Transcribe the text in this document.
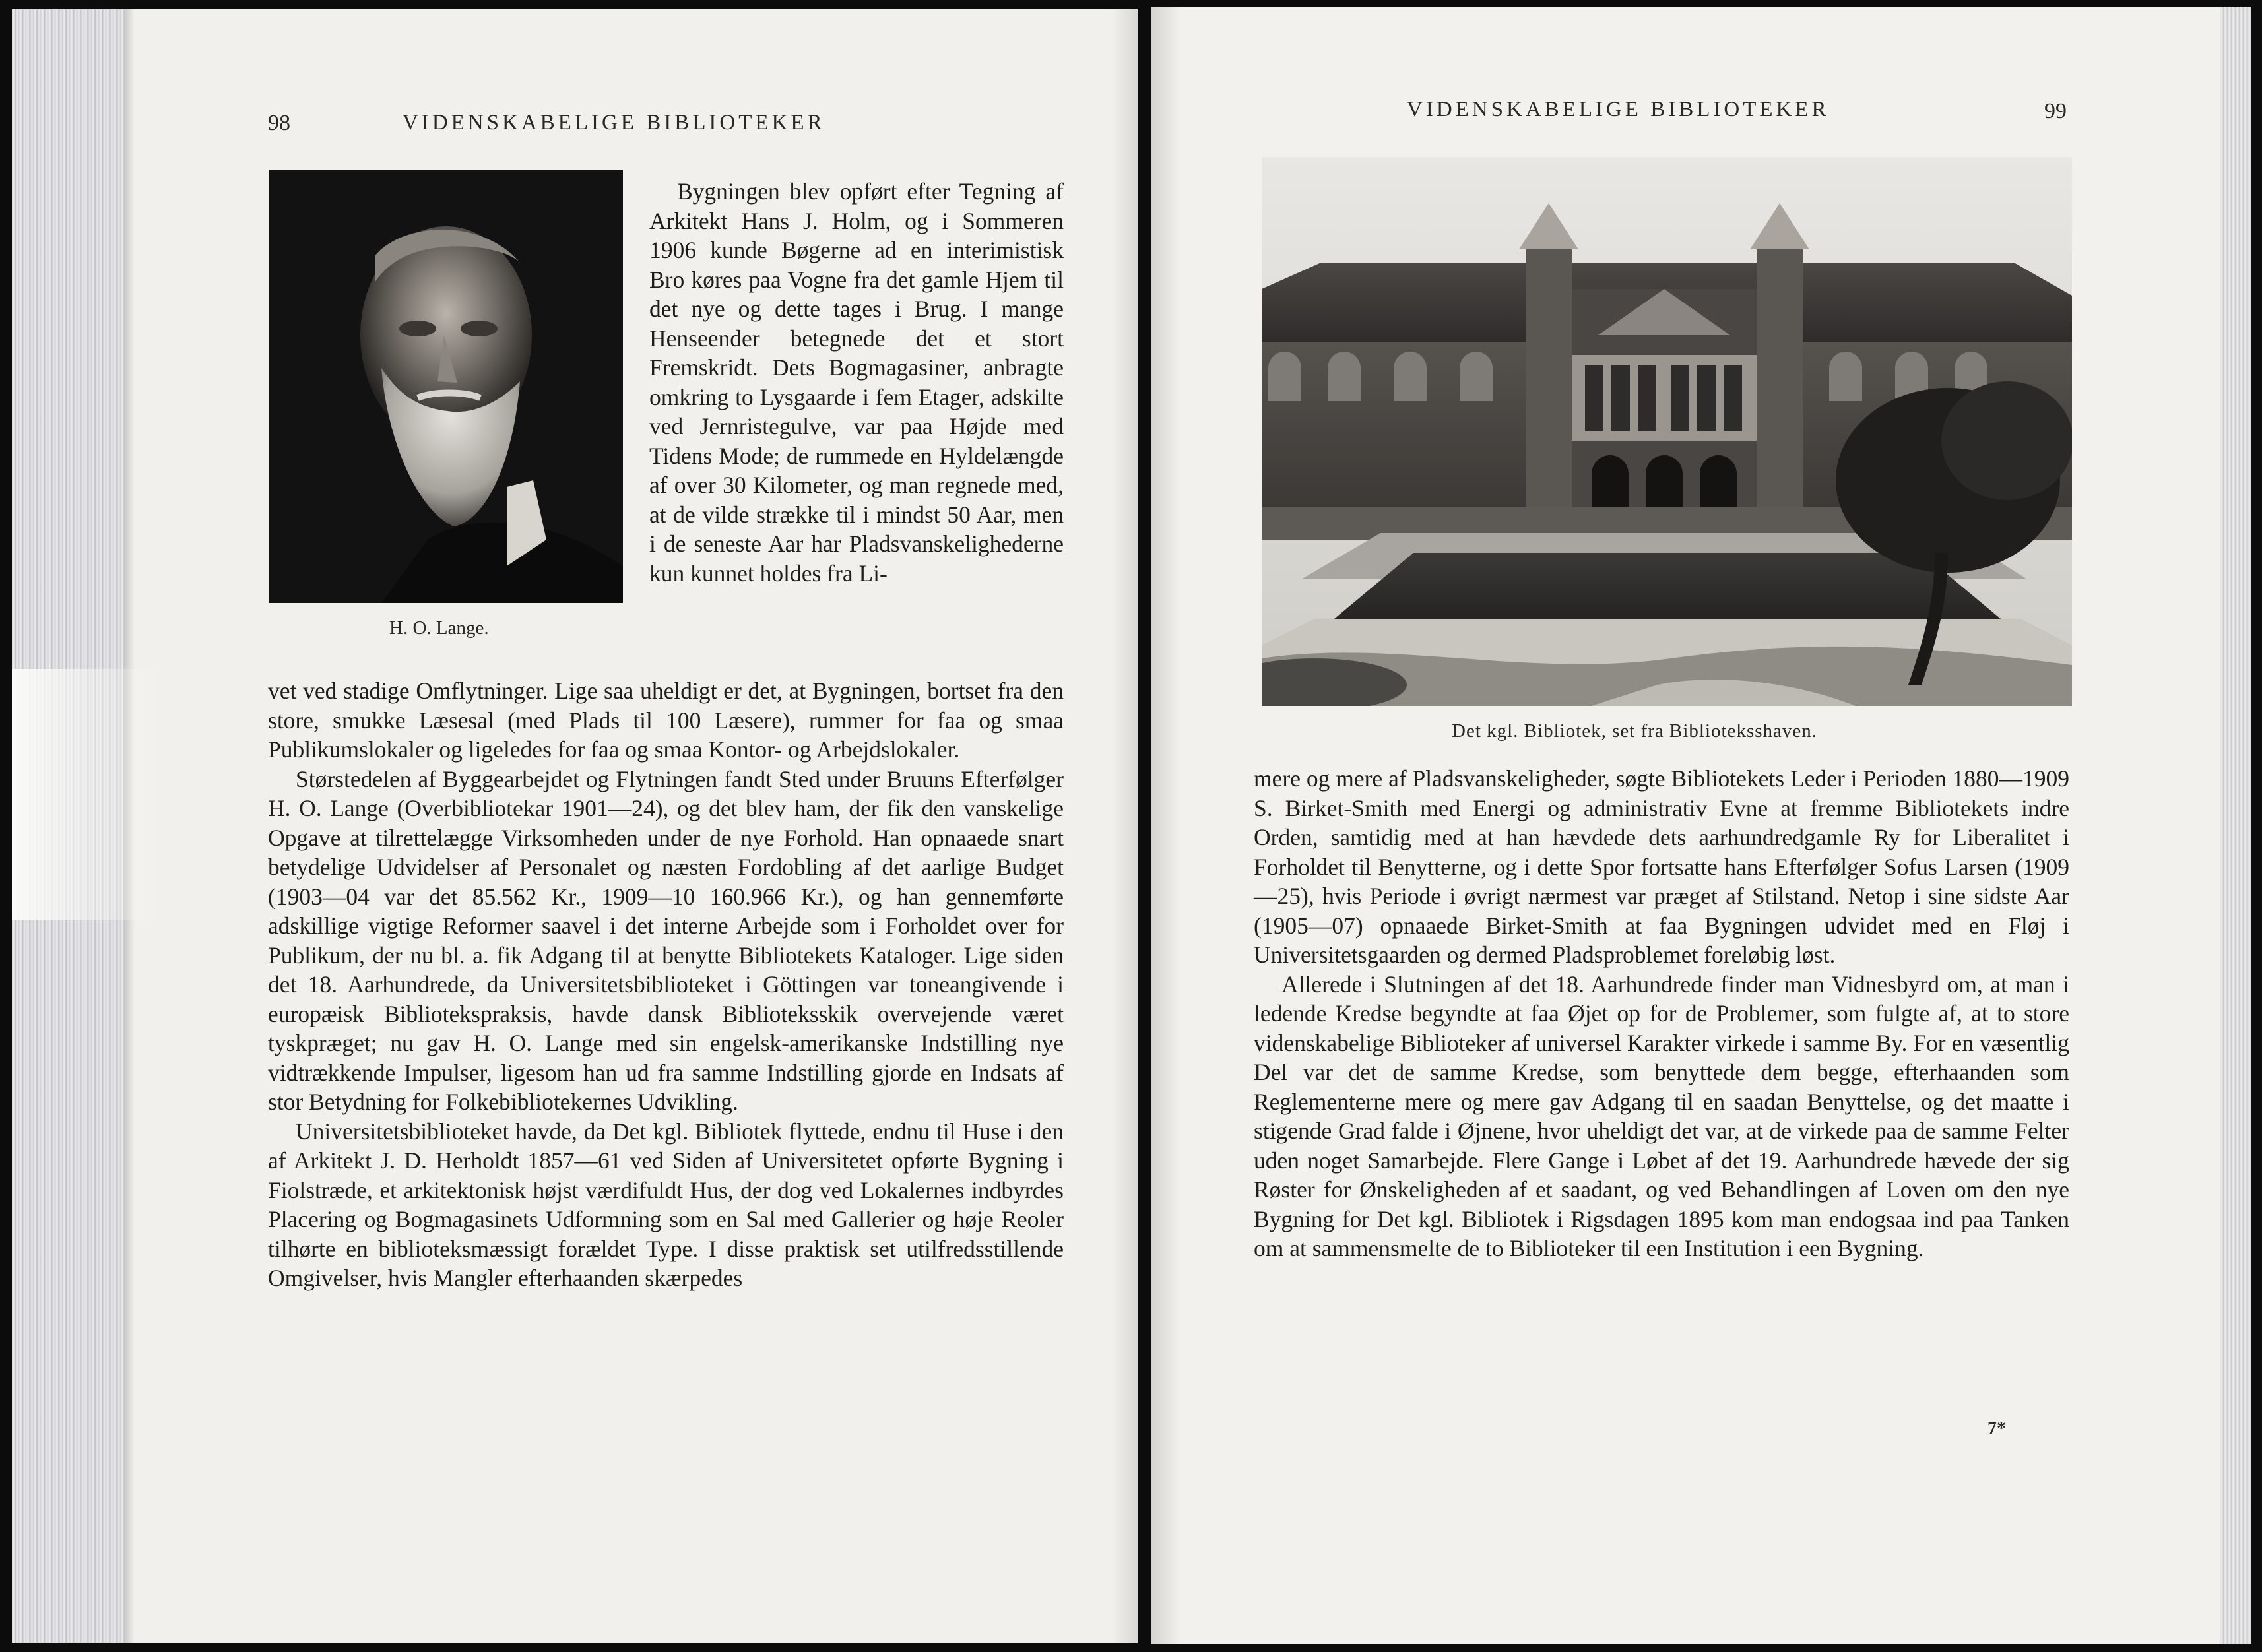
98	VIDENSKABELIGE BIBLIOTEKER
H. O. Lange.

Bygningen blev opført efter Tegning af Arkitekt Hans J. Holm, og i Sommeren 1906 kunde Bøgerne ad en interimistisk Bro køres paa Vogne fra det gamle Hjem til det nye og dette tages i Brug. I mange Henseender betegnede det et stort Fremskridt. Dets Bogmagasiner, anbragte omkring to Lysgaarde i fem Etager, adskilte ved Jernristegulve, var paa Højde med Tidens Mode; de rummede en Hyldelængde af over 30 Kilometer, og man regnede med, at de vilde strække til i mindst 50 Aar, men i de seneste Aar har Pladsvanskelighederne kun kunnet holdes fra Li-

vet ved stadige Omflytninger. Lige saa uheldigt er det, at Bygningen, bortset fra den store, smukke Læsesal (med Plads til 100 Læsere), rummer for faa og smaa Publikumslokaler og ligeledes for faa og smaa Kontor- og Arbejdslokaler.

Størstedelen af Byggearbejdet og Flytningen fandt Sted under Bruuns Efterfølger H. O. Lange (Overbibliotekar 1901—24), og det blev ham, der fik den vanskelige Opgave at tilrettelægge Virksomheden under de nye Forhold. Han opnaaede snart betydelige Udvidelser af Personalet og næsten Fordobling af det aarlige Budget (1903—04 var det 85.562 Kr., 1909—10 160.966 Kr.), og han gennemførte adskillige vigtige Reformer saavel i det interne Arbejde som i Forholdet over for Publikum, der nu bl. a. fik Adgang til at benytte Bibliotekets Kataloger. Lige siden det 18. Aarhundrede, da Universitetsbiblioteket i Göttingen var toneangivende i europæisk Bibliotekspraksis, havde dansk Biblioteksskik overvejende været tyskpræget; nu gav H. O. Lange med sin engelsk-amerikanske Indstilling nye vidtrækkende Impulser, ligesom han ud fra samme Indstilling gjorde en Indsats af stor Betydning for Folkebibliotekernes Udvikling.

Universitetsbiblioteket havde, da Det kgl. Bibliotek flyttede, endnu til Huse i den af Arkitekt J. D. Herholdt 1857—61 ved Siden af Universitetet opførte Bygning i Fiolstræde, et arkitektonisk højst værdifuldt Hus, der dog ved Lokalernes indbyrdes Placering og Bogmagasinets Udformning som en Sal med Gallerier og høje Reoler tilhørte en biblioteksmæssigt forældet Type. I disse praktisk set utilfredsstillende Omgivelser, hvis Mangler efterhaanden skærpedes

VIDENSKABELIGE BIBLIOTEKER	99
Det kgl. Bibliotek, set fra Biblioteksshaven.

mere og mere af Pladsvanskeligheder, søgte Bibliotekets Leder i Perioden 1880—1909 S. Birket-Smith med Energi og administrativ Evne at fremme Bibliotekets indre Orden, samtidig med at han hævdede dets aarhundredgamle Ry for Liberalitet i Forholdet til Benytterne, og i dette Spor fortsatte hans Efterfølger Sofus Larsen (1909—25), hvis Periode i øvrigt nærmest var præget af Stilstand. Netop i sine sidste Aar (1905—07) opnaaede Birket-Smith at faa Bygningen udvidet med en Fløj i Universitetsgaarden og dermed Pladsproblemet foreløbig løst.

Allerede i Slutningen af det 18. Aarhundrede finder man Vidnesbyrd om, at man i ledende Kredse begyndte at faa Øjet op for de Problemer, som fulgte af, at to store videnskabelige Biblioteker af universel Karakter virkede i samme By. For en væsentlig Del var det de samme Kredse, som benyttede dem begge, efterhaanden som Reglementerne mere og mere gav Adgang til en saadan Benyttelse, og det maatte i stigende Grad falde i Øjnene, hvor uheldigt det var, at de virkede paa de samme Felter uden noget Samarbejde. Flere Gange i Løbet af det 19. Aarhundrede hævede der sig Røster for Ønskeligheden af et saadant, og ved Behandlingen af Loven om den nye Bygning for Det kgl. Bibliotek i Rigsdagen 1895 kom man endogsaa ind paa Tanken om at sammensmelte de to Biblioteker til een Institution i een Bygning.

7*
